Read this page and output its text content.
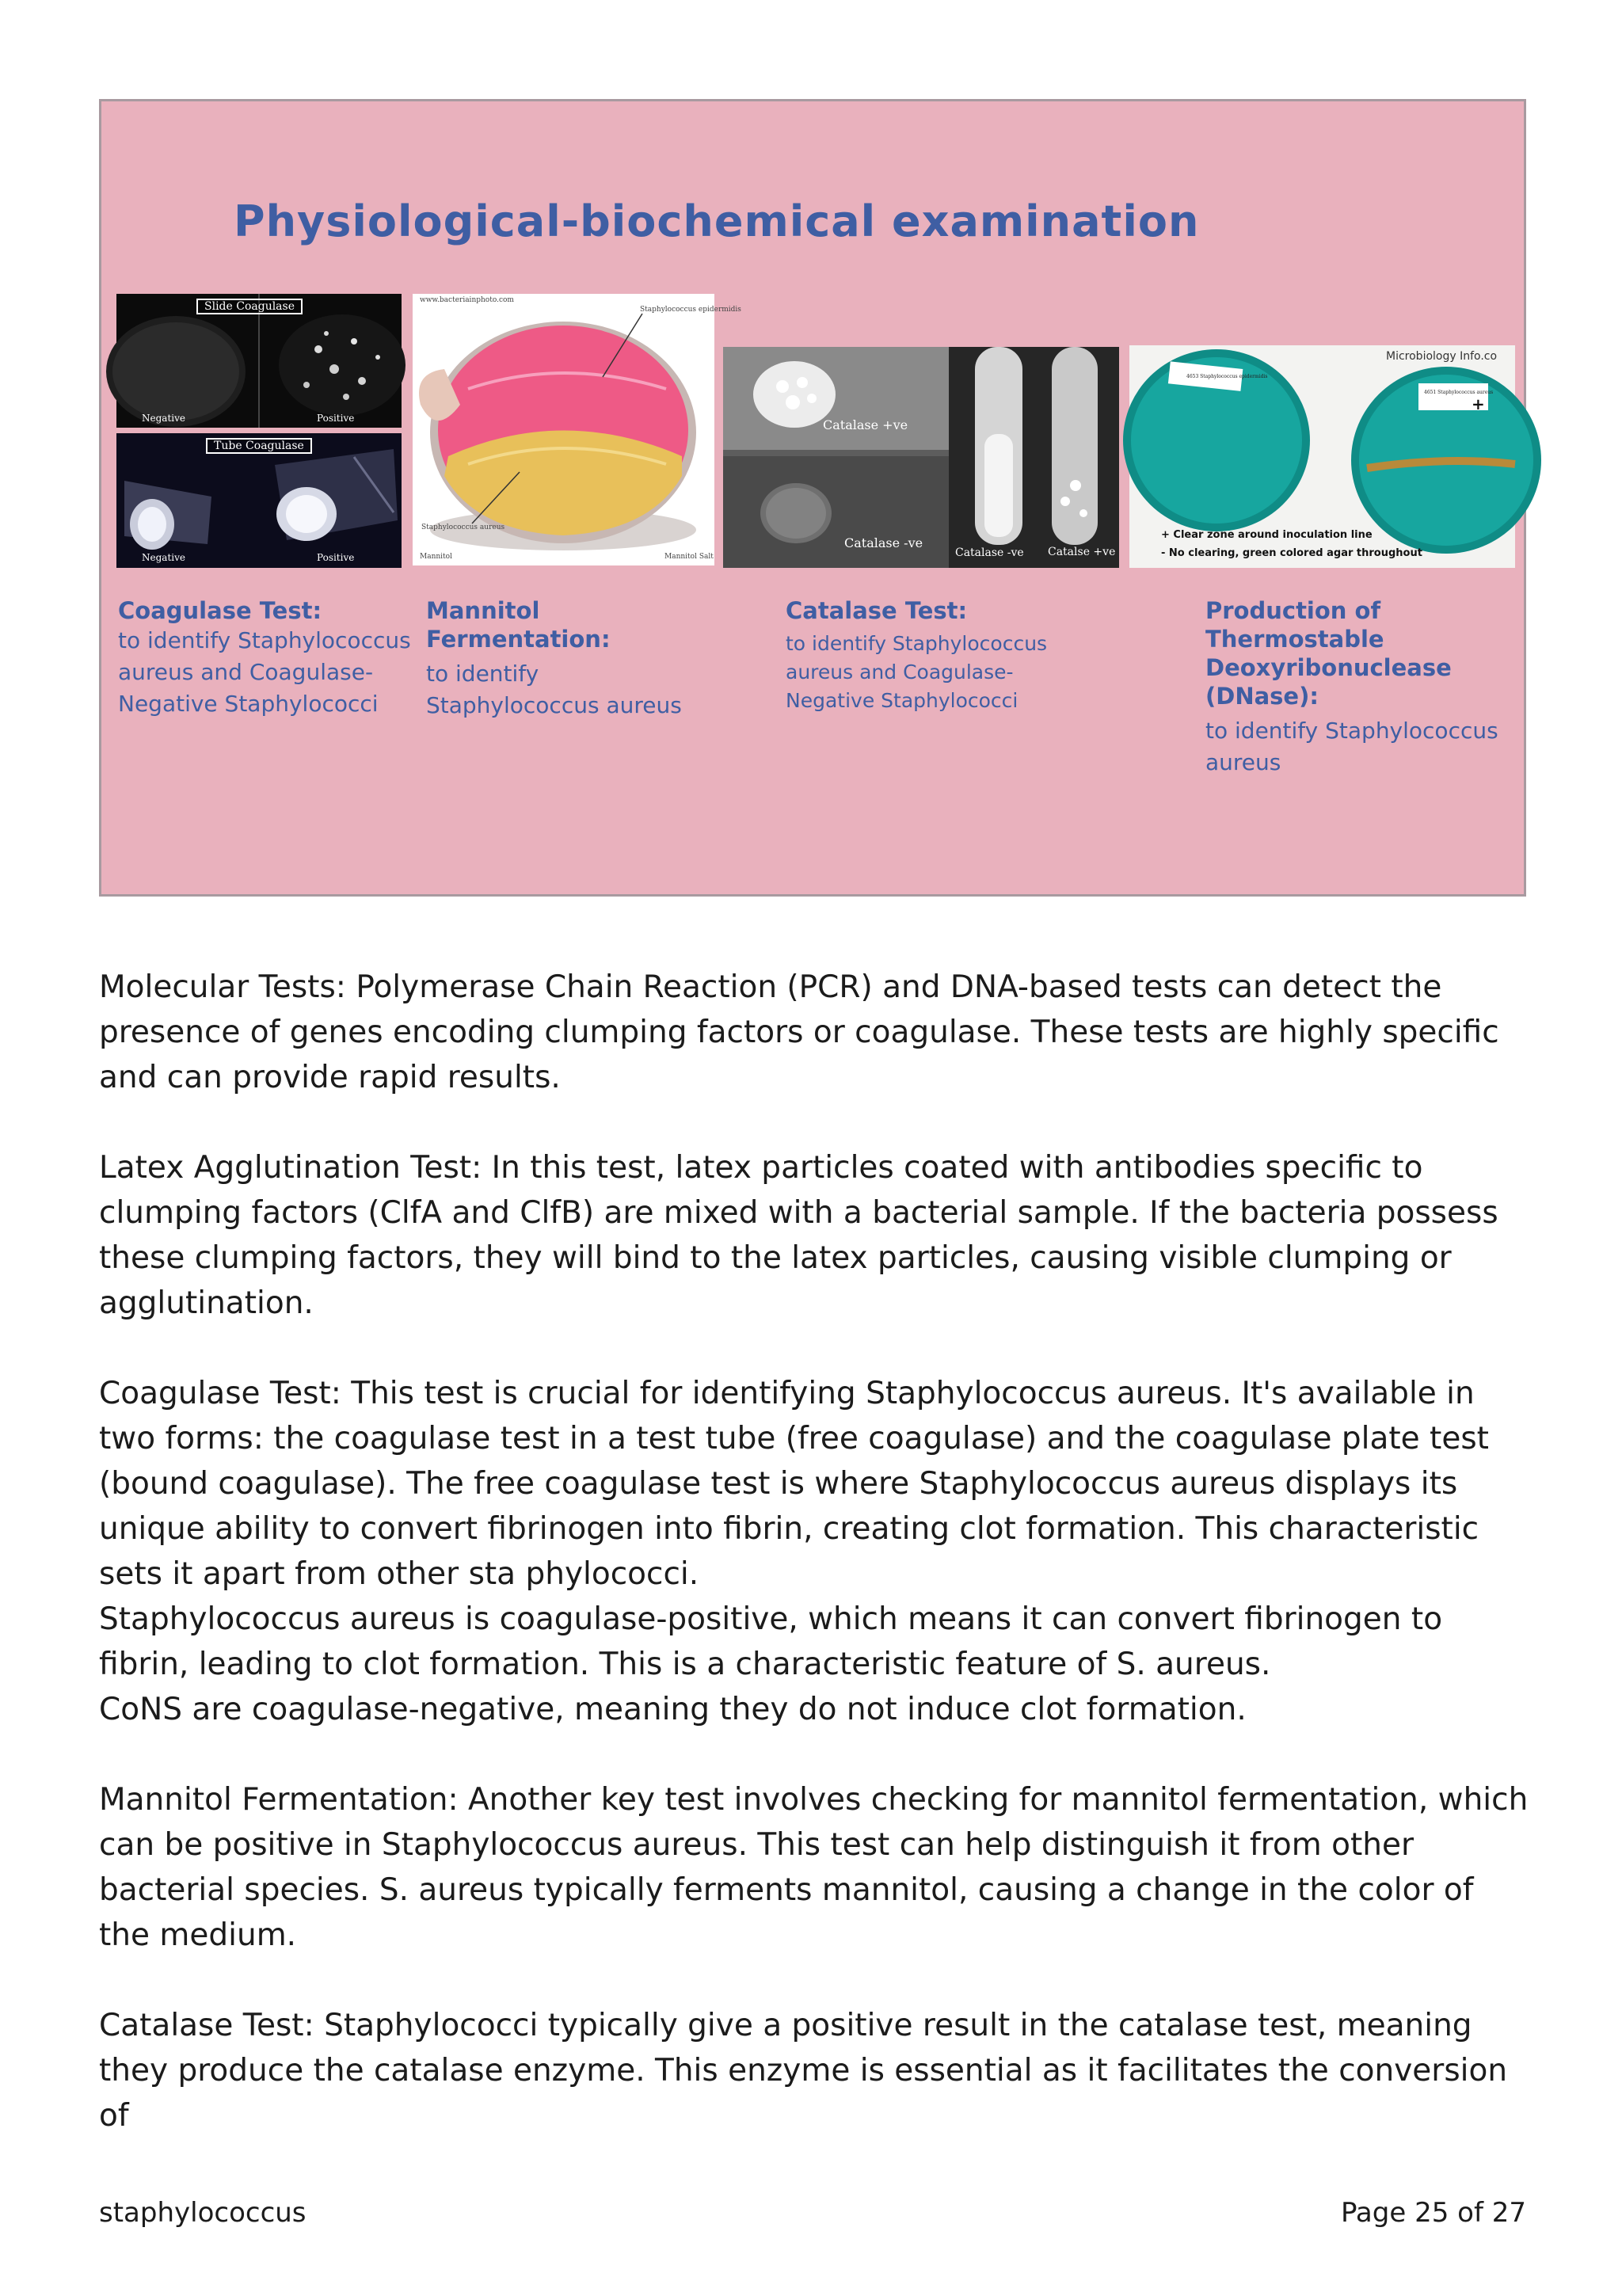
Physiological-biochemical examination
Slide Coagulase
Negative	Positive
Tube Coagulase
Negative	Positive
www.bacteriainphoto.com
Staphylococcus epidermidis
Staphylococcus aureus
Mannitol	Mannitol Salt
Catalase +ve
Catalase -ve
Catalase -ve Catalse +ve
Microbiology Info.co
4653 Staphylococcus epidermidis
4651 Staphylococcus aureus
+
+ Clear zone around inoculation line
- No clearing, green colored agar throughout
Coagulase Test:
to identify Staphylococcus aureus and Coagulase-Negative Staphylococci
Mannitol Fermentation:
to identify Staphylococcus aureus
Catalase Test:
to identify Staphylococcus aureus and Coagulase-Negative Staphylococci
Production of Thermostable Deoxyribonuclease (DNase):
to identify Staphylococcus aureus

Molecular Tests: Polymerase Chain Reaction (PCR) and DNA-based tests can detect the presence of genes encoding clumping factors or coagulase. These tests are highly specific and can provide rapid results.

Latex Agglutination Test: In this test, latex particles coated with antibodies specific to clumping factors (ClfA and ClfB) are mixed with a bacterial sample. If the bacteria possess these clumping factors, they will bind to the latex particles, causing visible clumping or agglutination.

Coagulase Test: This test is crucial for identifying Staphylococcus aureus. It's available in two forms: the coagulase test in a test tube (free coagulase) and the coagulase plate test (bound coagulase). The free coagulase test is where Staphylococcus aureus displays its unique ability to convert fibrinogen into fibrin, creating clot formation. This characteristic sets it apart from other sta phylococci.

Staphylococcus aureus is coagulase-positive, which means it can convert fibrinogen to fibrin, leading to clot formation. This is a characteristic feature of S. aureus.

CoNS are coagulase-negative, meaning they do not induce clot formation.

Mannitol Fermentation: Another key test involves checking for mannitol fermentation, which can be positive in Staphylococcus aureus. This test can help distinguish it from other bacterial species. S. aureus typically ferments mannitol, causing a change in the color of the medium.

Catalase Test: Staphylococci typically give a positive result in the catalase test, meaning they produce the catalase enzyme. This enzyme is essential as it facilitates the conversion of

staphylococcus	Page 25 of 27
